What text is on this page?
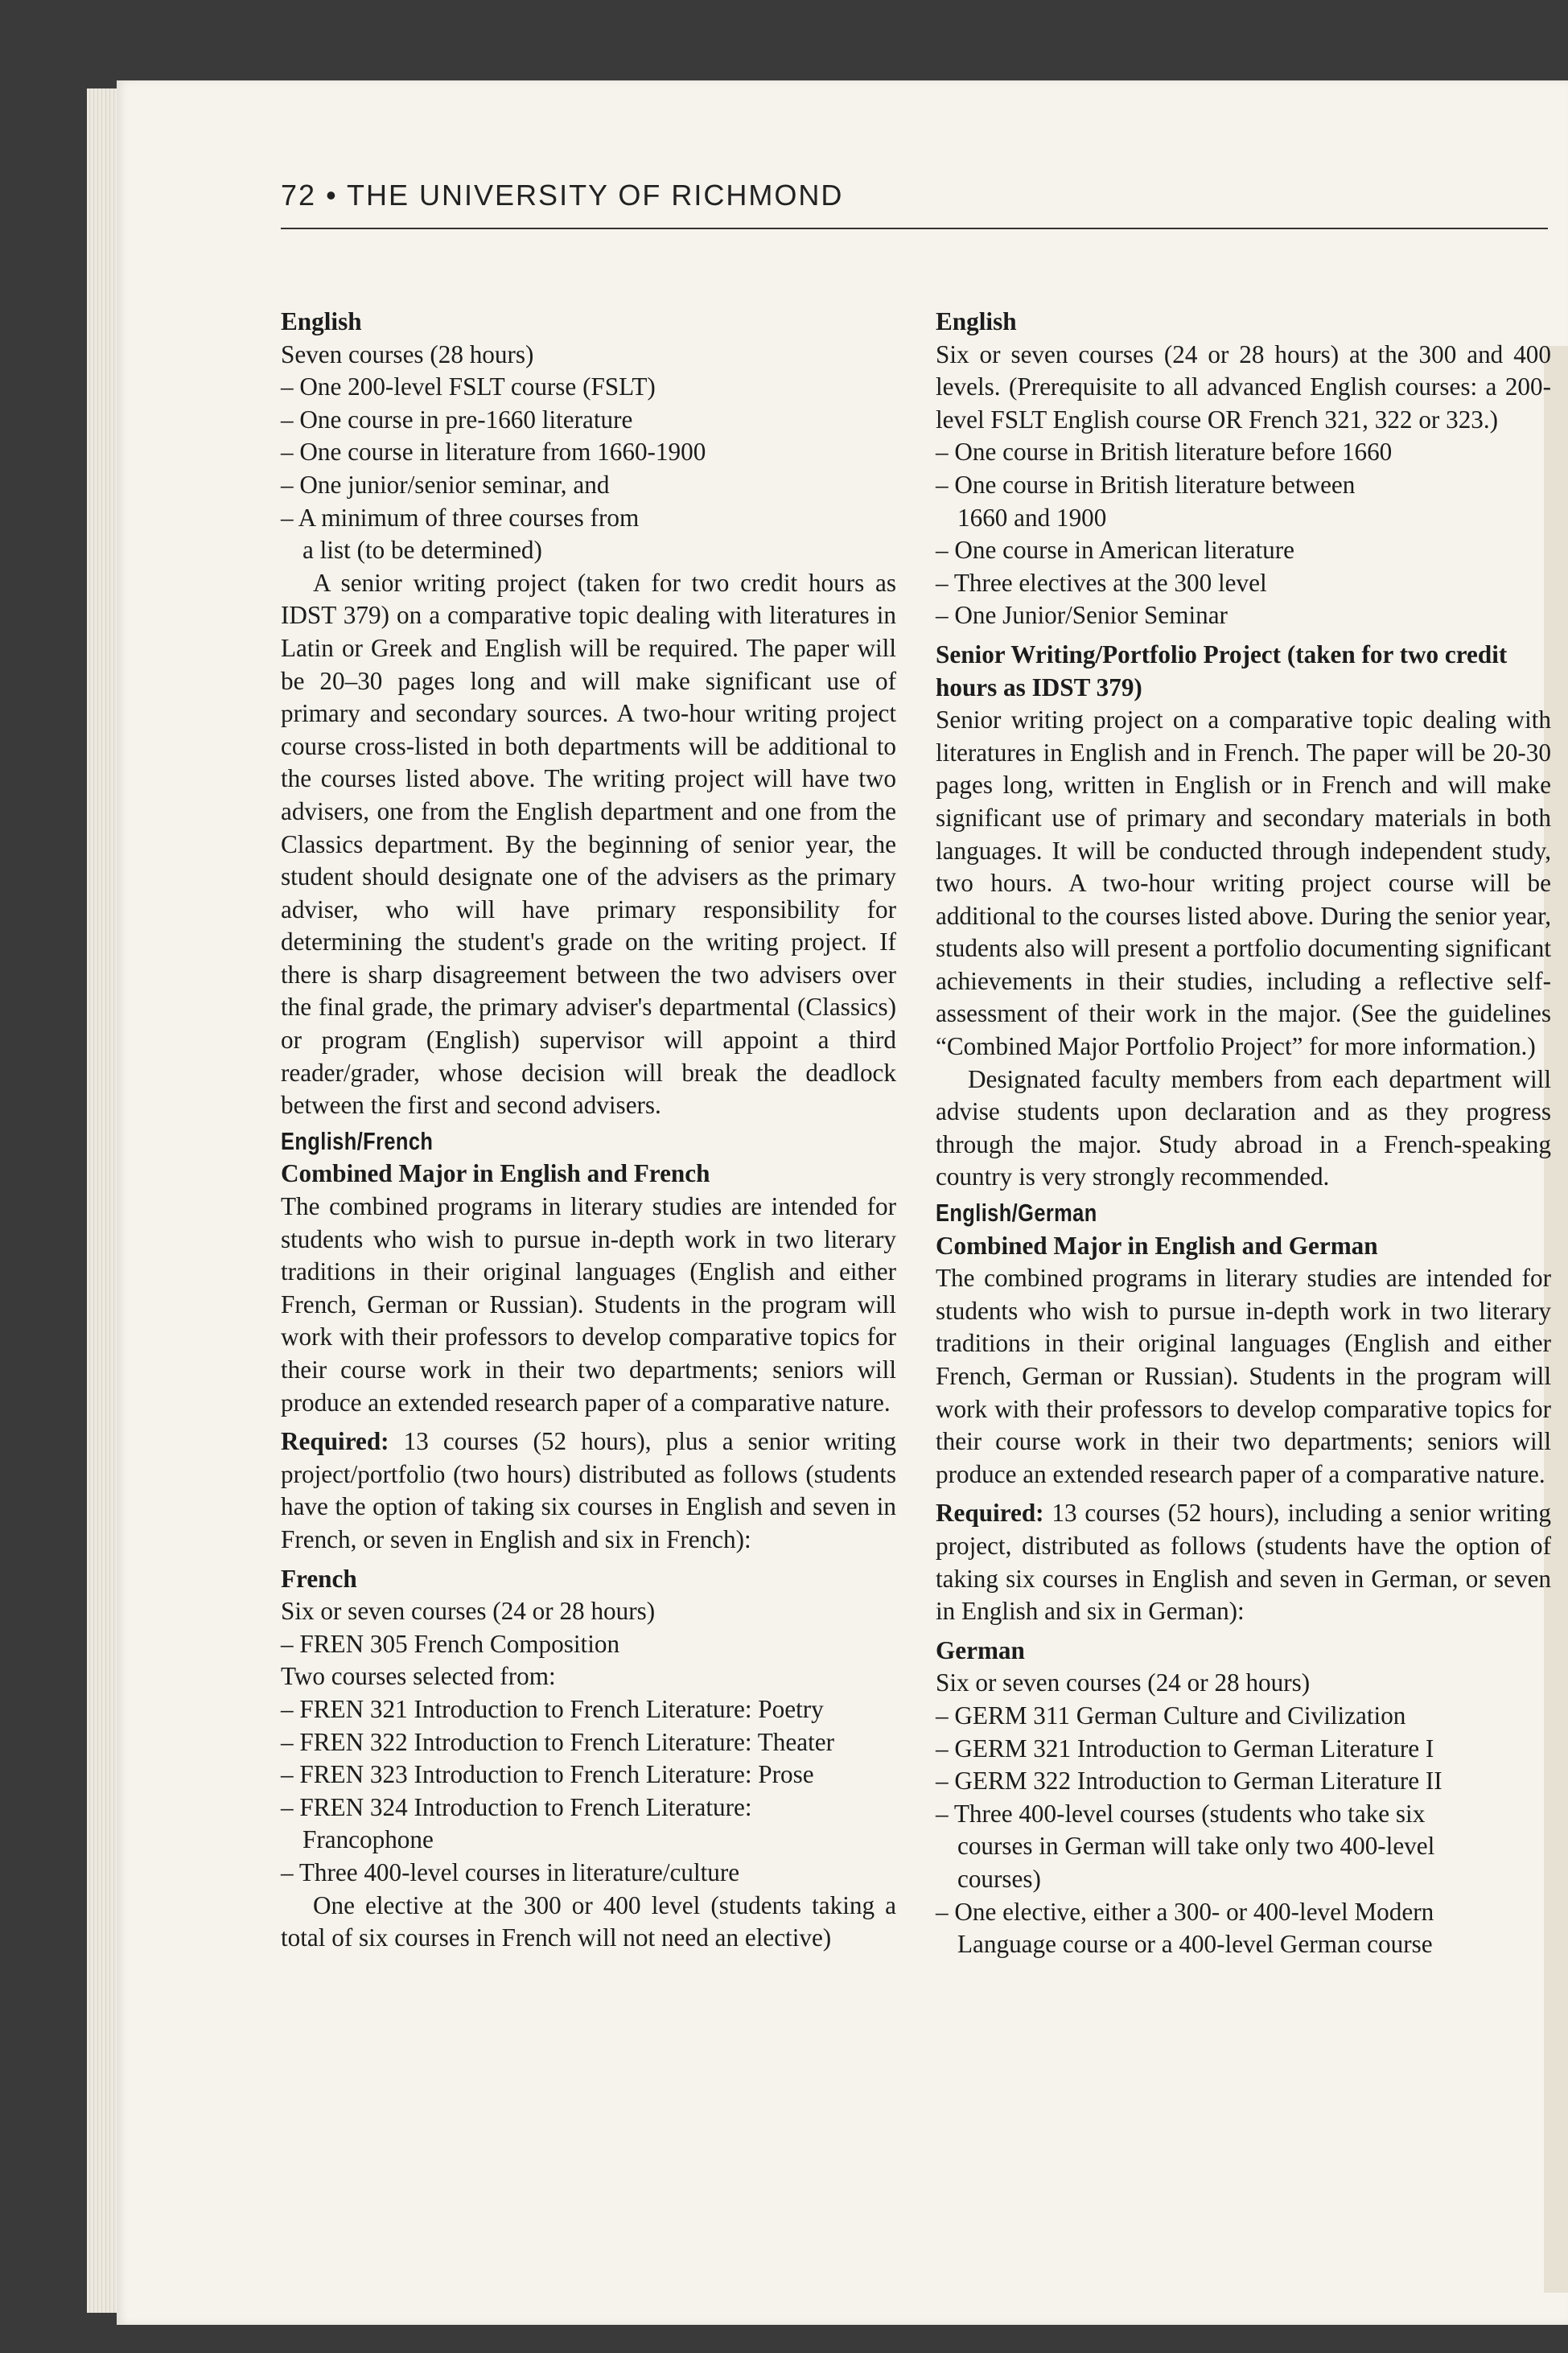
72 • THE UNIVERSITY OF RICHMOND
English
Seven courses (28 hours)
– One 200-level FSLT course (FSLT)
– One course in pre-1660 literature
– One course in literature from 1660-1900
– One junior/senior seminar, and
– A minimum of three courses from a list (to be determined)

A senior writing project (taken for two credit hours as IDST 379) on a comparative topic dealing with literatures in Latin or Greek and English will be required. The paper will be 20–30 pages long and will make significant use of primary and secondary sources. A two-hour writing project course cross-listed in both departments will be additional to the courses listed above. The writing project will have two advisers, one from the English department and one from the Classics department. By the beginning of senior year, the student should designate one of the advisers as the primary adviser, who will have primary responsibility for determining the student's grade on the writing project. If there is sharp disagreement between the two advisers over the final grade, the primary adviser's departmental (Classics) or program (English) supervisor will appoint a third reader/grader, whose decision will break the deadlock between the first and second advisers.

English/French
Combined Major in English and French

The combined programs in literary studies are intended for students who wish to pursue in-depth work in two literary traditions in their original languages (English and either French, German or Russian). Students in the program will work with their professors to develop comparative topics for their course work in their two departments; seniors will produce an extended research paper of a comparative nature.

Required: 13 courses (52 hours), plus a senior writing project/portfolio (two hours) distributed as follows (students have the option of taking six courses in English and seven in French, or seven in English and six in French):

French
Six or seven courses (24 or 28 hours)
– FREN 305 French Composition
Two courses selected from:
– FREN 321 Introduction to French Literature: Poetry
– FREN 322 Introduction to French Literature: Theater
– FREN 323 Introduction to French Literature: Prose
– FREN 324 Introduction to French Literature: Francophone
– Three 400-level courses in literature/culture

One elective at the 300 or 400 level (students taking a total of six courses in French will not need an elective)

English

Six or seven courses (24 or 28 hours) at the 300 and 400 levels. (Prerequisite to all advanced English courses: a 200-level FSLT English course OR French 321, 322 or 323.)

– One course in British literature before 1660
– One course in British literature between 1660 and 1900
– One course in American literature
– Three electives at the 300 level
– One Junior/Senior Seminar
Senior Writing/Portfolio Project (taken for two credit hours as IDST 379)

Senior writing project on a comparative topic dealing with literatures in English and in French. The paper will be 20-30 pages long, written in English or in French and will make significant use of primary and secondary materials in both languages. It will be conducted through independent study, two hours. A two-hour writing project course will be additional to the courses listed above. During the senior year, students also will present a portfolio documenting significant achievements in their studies, including a reflective self-assessment of their work in the major. (See the guidelines “Combined Major Portfolio Project” for more information.)

Designated faculty members from each department will advise students upon declaration and as they progress through the major. Study abroad in a French-speaking country is very strongly recommended.

English/German
Combined Major in English and German

The combined programs in literary studies are intended for students who wish to pursue in-depth work in two literary traditions in their original languages (English and either French, German or Russian). Students in the program will work with their professors to develop comparative topics for their course work in their two departments; seniors will produce an extended research paper of a comparative nature.

Required: 13 courses (52 hours), including a senior writing project, distributed as follows (students have the option of taking six courses in English and seven in German, or seven in English and six in German):

German
Six or seven courses (24 or 28 hours)
– GERM 311 German Culture and Civilization
– GERM 321 Introduction to German Literature I
– GERM 322 Introduction to German Literature II
– Three 400-level courses (students who take six courses in German will take only two 400-level courses)
– One elective, either a 300- or 400-level Modern Language course or a 400-level German course
